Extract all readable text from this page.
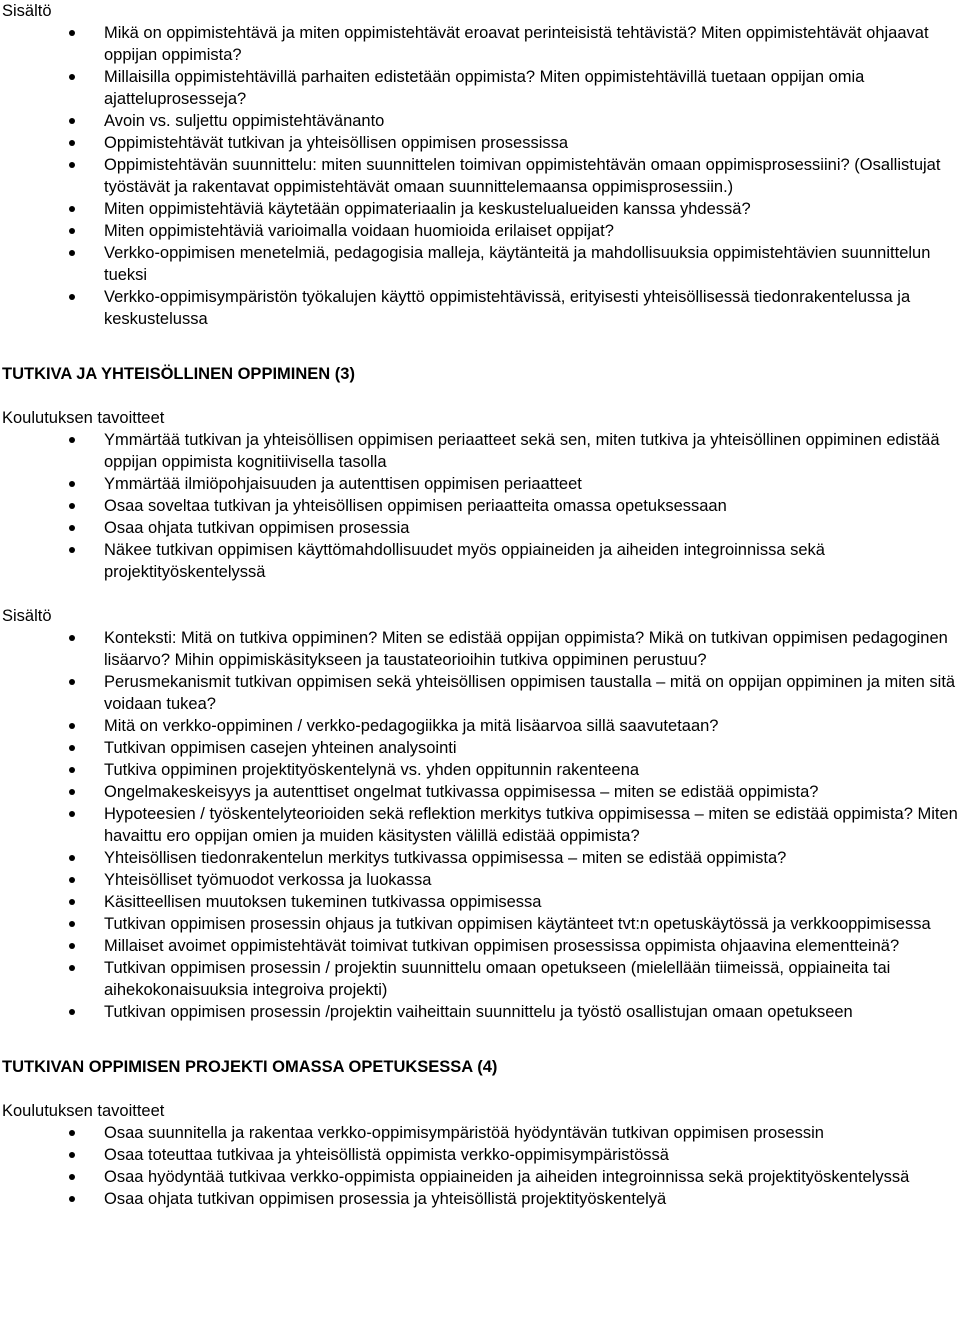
Sisältö
Mikä on oppimistehtävä ja miten oppimistehtävät eroavat perinteisistä tehtävistä? Miten oppimistehtävät ohjaavat oppijan oppimista?
Millaisilla oppimistehtävillä parhaiten edistetään oppimista? Miten oppimistehtävillä tuetaan oppijan omia ajatteluprosesseja?
Avoin vs. suljettu oppimistehtävänanto
Oppimistehtävät tutkivan ja yhteisöllisen oppimisen prosessissa
Oppimistehtävän suunnittelu: miten suunnittelen toimivan oppimistehtävän omaan oppimisprosessiini? (Osallistujat työstävät ja rakentavat oppimistehtävät omaan suunnittelemaansa oppimisprosessiin.)
Miten oppimistehtäviä käytetään oppimateriaalin ja keskustelualueiden kanssa yhdessä?
Miten oppimistehtäviä varioimalla voidaan huomioida erilaiset oppijat?
Verkko-oppimisen menetelmiä, pedagogisia malleja, käytänteitä ja mahdollisuuksia oppimistehtävien suunnittelun tueksi
Verkko-oppimisympäristön työkalujen käyttö oppimistehtävissä, erityisesti yhteisöllisessä tiedonrakentelussa ja keskustelussa
TUTKIVA JA YHTEISÖLLINEN OPPIMINEN (3)
Koulutuksen tavoitteet
Ymmärtää tutkivan ja yhteisöllisen oppimisen periaatteet sekä sen, miten tutkiva ja yhteisöllinen oppiminen edistää oppijan oppimista kognitiivisella tasolla
Ymmärtää ilmiöpohjaisuuden ja autenttisen oppimisen periaatteet
Osaa soveltaa tutkivan ja yhteisöllisen oppimisen periaatteita omassa opetuksessaan
Osaa ohjata tutkivan oppimisen prosessia
Näkee tutkivan oppimisen käyttömahdollisuudet myös oppiaineiden ja aiheiden integroinnissa sekä projektityöskentelyssä
Sisältö
Konteksti: Mitä on tutkiva oppiminen? Miten se edistää oppijan oppimista? Mikä on tutkivan oppimisen pedagoginen lisäarvo? Mihin oppimiskäsitykseen ja taustateorioihin tutkiva oppiminen perustuu?
Perusmekanismit tutkivan oppimisen sekä yhteisöllisen oppimisen taustalla – mitä on oppijan oppiminen ja miten sitä voidaan tukea?
Mitä on verkko-oppiminen / verkko-pedagogiikka ja mitä lisäarvoa sillä saavutetaan?
Tutkivan oppimisen casejen yhteinen analysointi
Tutkiva oppiminen projektityöskentelynä vs. yhden oppitunnin rakenteena
Ongelmakeskeisyys ja autenttiset ongelmat tutkivassa oppimisessa – miten se edistää oppimista?
Hypoteesien / työskentelyteorioiden sekä reflektion merkitys tutkiva oppimisessa – miten se edistää oppimista? Miten havaittu ero oppijan omien ja muiden käsitysten välillä edistää oppimista?
Yhteisöllisen tiedonrakentelun merkitys tutkivassa oppimisessa – miten se edistää oppimista?
Yhteisölliset työmuodot verkossa ja luokassa
Käsitteellisen muutoksen tukeminen tutkivassa oppimisessa
Tutkivan oppimisen prosessin ohjaus ja tutkivan oppimisen käytänteet tvt:n opetuskäytössä ja verkkooppimisessa
Millaiset avoimet oppimistehtävät toimivat tutkivan oppimisen prosessissa oppimista ohjaavina elementteinä?
Tutkivan oppimisen prosessin / projektin suunnittelu omaan opetukseen (mielellään tiimeissä, oppiaineita tai aihekokonaisuuksia integroiva projekti)
Tutkivan oppimisen prosessin /projektin vaiheittain suunnittelu ja työstö osallistujan omaan opetukseen
TUTKIVAN OPPIMISEN PROJEKTI OMASSA OPETUKSESSA (4)
Koulutuksen tavoitteet
Osaa suunnitella ja rakentaa verkko-oppimisympäristöä hyödyntävän tutkivan oppimisen prosessin
Osaa toteuttaa tutkivaa ja yhteisöllistä oppimista verkko-oppimisympäristössä
Osaa hyödyntää tutkivaa verkko-oppimista oppiaineiden ja aiheiden integroinnissa sekä projektityöskentelyssä
Osaa ohjata tutkivan oppimisen prosessia ja yhteisöllistä projektityöskentelyä
